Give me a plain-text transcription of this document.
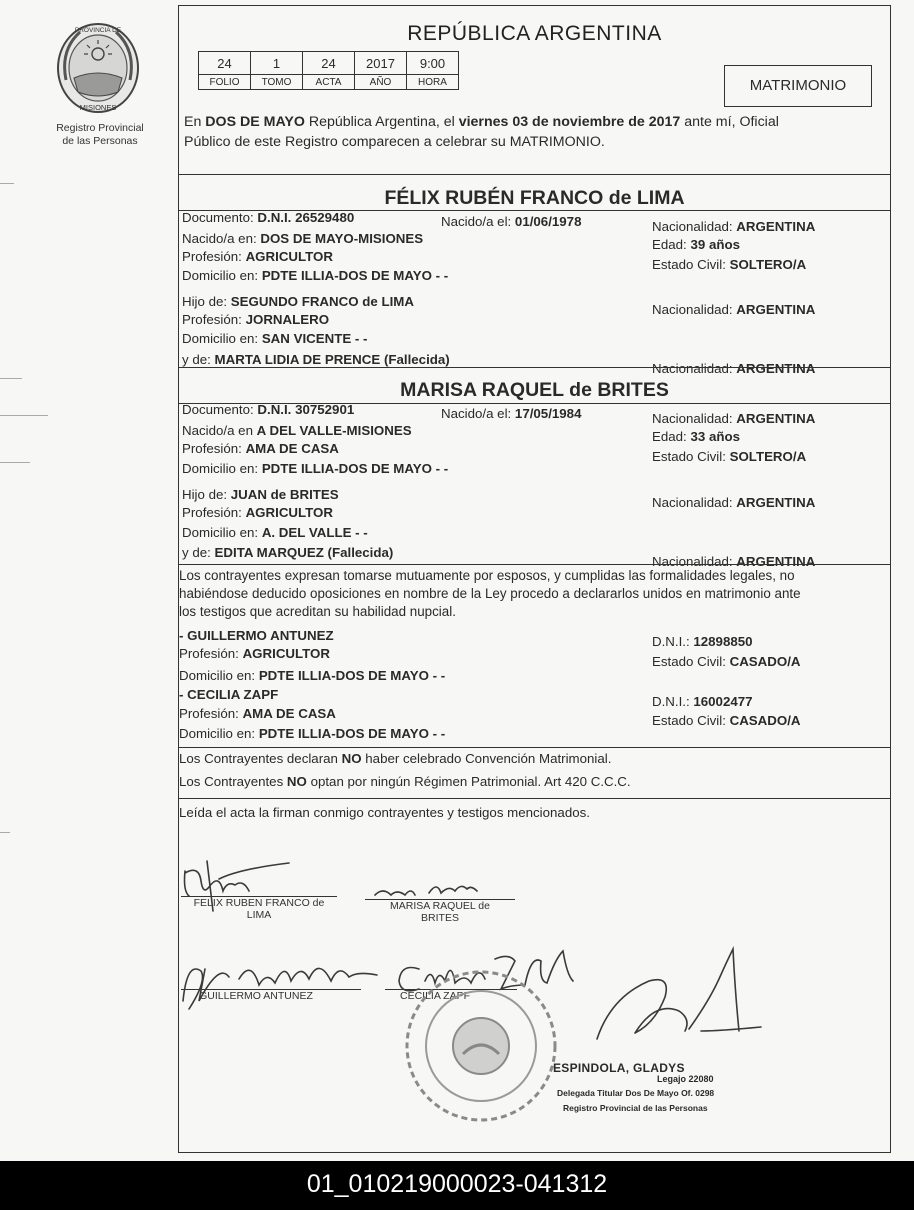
PROVINCIA DE
MISIONES
Registro Provincial
de las Personas
REPÚBLICA ARGENTINA
24	1	24	2017	9:00
FOLIO	TOMO	ACTA	AÑO	HORA	MATRIMONIO
En DOS DE MAYO República Argentina, el viernes 03 de noviembre de 2017 ante mí, Oficial
Público de este Registro comparecen a celebrar su MATRIMONIO.
FÉLIX RUBÉN FRANCO de LIMA
Documento: D.N.I. 26529480	Nacido/a el: 01/06/1978
Nacido/a en: DOS DE MAYO-MISIONES
Profesión: AGRICULTOR
Domicilio en: PDTE ILLIA-DOS DE MAYO - -
Nacionalidad: ARGENTINA
Edad: 39 años
Estado Civil: SOLTERO/A
Hijo de: SEGUNDO FRANCO de LIMA
Profesión: JORNALERO
Domicilio en: SAN VICENTE - -
Nacionalidad: ARGENTINA
y de: MARTA LIDIA DE PRENCE (Fallecida)
Nacionalidad: ARGENTINA
MARISA RAQUEL de BRITES
Documento: D.N.I. 30752901	Nacido/a el: 17/05/1984
Nacido/a en A DEL VALLE-MISIONES
Profesión: AMA DE CASA
Domicilio en: PDTE ILLIA-DOS DE MAYO - -
Nacionalidad: ARGENTINA
Edad: 33 años
Estado Civil: SOLTERO/A
Hijo de: JUAN de BRITES
Profesión: AGRICULTOR
Domicilio en: A. DEL VALLE - -
Nacionalidad: ARGENTINA
y de: EDITA MARQUEZ (Fallecida)
Nacionalidad: ARGENTINA
Los contrayentes expresan tomarse mutuamente por esposos, y cumplidas las formalidades legales, no
habiéndose deducido oposiciones en nombre de la Ley procedo a declararlos unidos en matrimonio ante
los testigos que acreditan su habilidad nupcial.
- GUILLERMO ANTUNEZ
Profesión: AGRICULTOR
Domicilio en: PDTE ILLIA-DOS DE MAYO - -
D.N.I.: 12898850
Estado Civil: CASADO/A
- CECILIA ZAPF
Profesión: AMA DE CASA
Domicilio en: PDTE ILLIA-DOS DE MAYO - -
D.N.I.: 16002477
Estado Civil: CASADO/A
Los Contrayentes declaran NO haber celebrado Convención Matrimonial.
Los Contrayentes NO optan por ningún Régimen Patrimonial. Art 420 C.C.C.
Leída el acta la firman conmigo contrayentes y testigos mencionados.
FELIX RUBEN FRANCO de
LIMA
MARISA RAQUEL de
BRITES
GUILLERMO ANTUNEZ	CECILIA ZAPF
ESPINDOLA, GLADYS
Legajo 22080
Delegada Titular Dos De Mayo Of. 0298
Registro Provincial de las Personas
01_010219000023-041312
